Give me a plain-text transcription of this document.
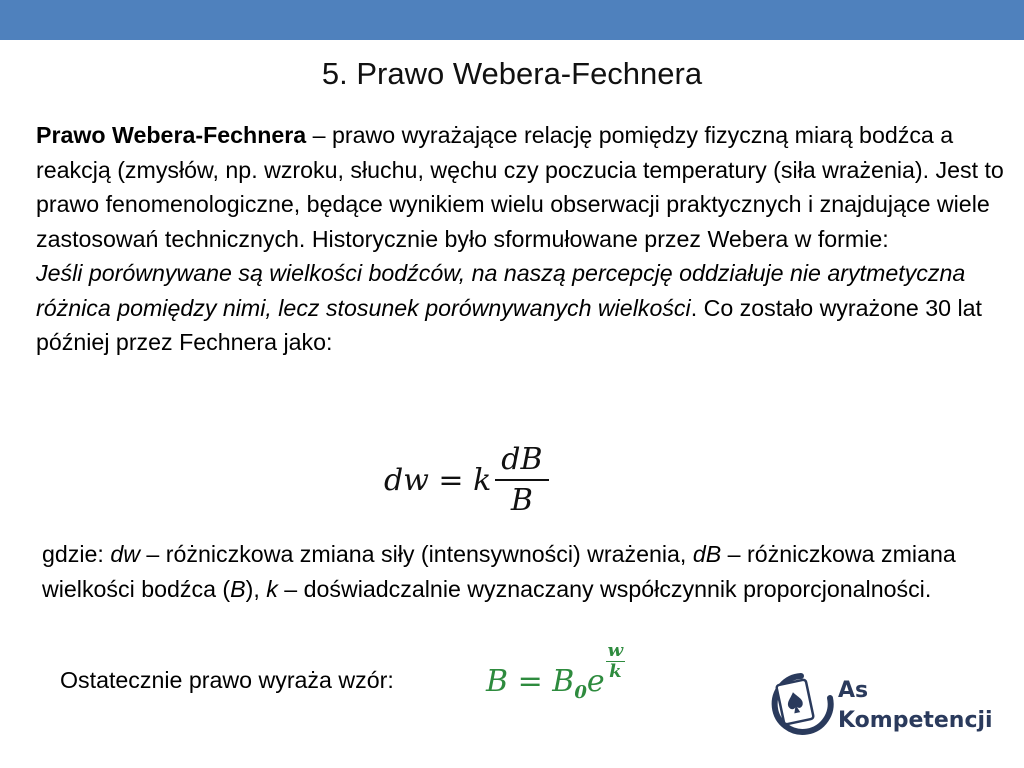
5. Prawo Webera-Fechnera

Prawo Webera-Fechnera – prawo wyrażające relację pomiędzy fizyczną miarą bodźca a reakcją (zmysłów, np. wzroku, słuchu, węchu czy poczucia temperatury (siła wrażenia). Jest to prawo fenomenologiczne, będące wynikiem wielu obserwacji praktycznych i znajdujące wiele zastosowań technicznych. Historycznie było sformułowane przez Webera w formie:
Jeśli porównywane są wielkości bodźców, na naszą percepcję oddziałuje nie arytmetyczna różnica pomiędzy nimi, lecz stosunek porównywanych wielkości. Co zostało wyrażone 30 lat później przez Fechnera jako:

dw = k $\frac{dB}{B}$

gdzie: dw – różniczkowa zmiana siły (intensywności) wrażenia, dB – różniczkowa zmiana wielkości bodźca (B), k – doświadczalnie wyznaczany współczynnik proporcjonalności.

Ostatecznie prawo wyraża wzór:	$B = B_0e \frac{w}{k}$
As
Kompetencji
